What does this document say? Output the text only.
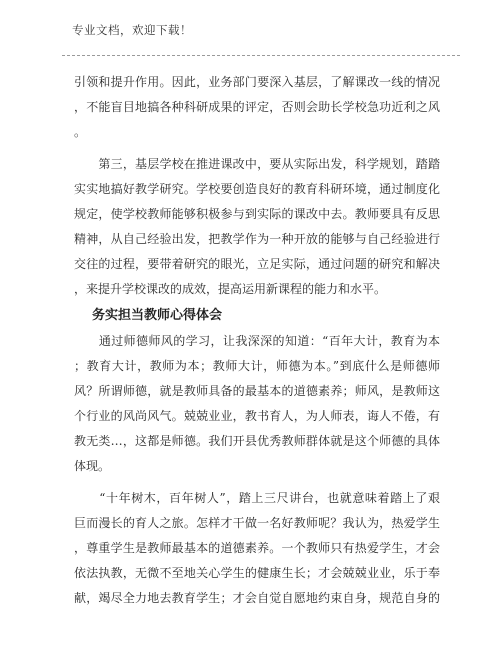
专业文档，欢迎下载！
引领和提升作用。因此，业务部门要深入基层，了解课改一线的情况
，不能盲目地搞各种科研成果的评定，否则会助长学校急功近利之风
。
　　第三，基层学校在推进课改中，要从实际出发，科学规划，踏踏
实实地搞好教学研究。学校要创造良好的教育科研环境，通过制度化
规定，使学校教师能够积极参与到实际的课改中去。教师要具有反思
精神，从自己经验出发，把教学作为一种开放的能够与自己经验进行
交往的过程，要带着研究的眼光，立足实际，通过问题的研究和解决
，来提升学校课改的成效，提高运用新课程的能力和水平。
务实担当教师心得体会
　　通过师德师风的学习，让我深深的知道：“百年大计，教育为本
；教育大计，教师为本；教师大计，师德为本。”到底什么是师德师
风？所谓师德，就是教师具备的最基本的道德素养；师风，是教师这
个行业的风尚风气。兢兢业业，教书育人，为人师表，诲人不倦，有
教无类…，这都是师德。我们开县优秀教师群体就是这个师德的具体
体现。
　　“十年树木，百年树人”，踏上三尺讲台，也就意味着踏上了艰
巨而漫长的育人之旅。怎样才干做一名好教师呢？我认为，热爱学生
，尊重学生是教师最基本的道德素养。一个教师只有热爱学生，才会
依法执教，无微不至地关心学生的健康生长；才会兢兢业业，乐于奉
献，竭尽全力地去教育学生；才会自觉自愿地约束自身，规范自身的
